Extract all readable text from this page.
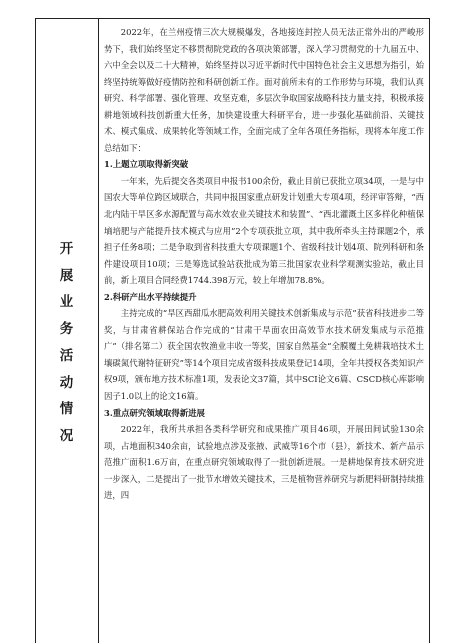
开
展
业
务
活
动
情
况

2022年，在兰州疫情三次大规模爆发，各地接连封控人员无法正常外出的严峻形势下，我们始终坚定不移贯彻院党政的各项决策部署，深入学习贯彻党的十九届五中、六中全会以及二十大精神，始终坚持以习近平新时代中国特色社会主义思想为指引，始终坚持统筹做好疫情防控和科研创新工作。面对前所未有的工作形势与环境，我们认真研究、科学部署、强化管理、攻坚克难，多层次争取国家战略科技力量支持，积极承接耕地领域科技创新重大任务，加快建设重大科研平台，进一步强化基础前沿、关键技术、模式集成、成果转化等领域工作，全面完成了全年各项任务指标，现将本年度工作总结如下：

1.上题立项取得新突破

一年来，先后提交各类项目申报书100余份，截止目前已获批立项34项，一是与中国农大等单位跨区域联合，共同申报国家重点研发计划重大专项4项，经评审答辩，“西北内陆干旱区多水源配置与高水效农业关键技术和装置”、“西北灌溉土区多样化种植保墒培肥与产能提升技术模式与应用”2个专项获批立项，其中我所牵头主持课题2个，承担子任务8项；二是争取到省科技重大专项课题1个、省级科技计划4项、院列科研和条件建设项目10项；三是筹选试验站获批成为第三批国家农业科学观测实验站，截止目前，新上项目合同经费1744.398万元，较上年增加78.8%。

2.科研产出水平持续提升

主持完成的“旱区西甜瓜水肥高效利用关键技术创新集成与示范”获省科技进步二等奖，与甘肃省耕保站合作完成的“甘肃干旱面农田高效节水技术研发集成与示范推广”（排名第二）获全国农牧渔业丰收一等奖，国家自然基金“全膜覆土免耕栽培技术土壤碳氮代谢特征研究”等14个项目完成省级科技成果登记14项，全年共授权各类知识产权9项，颁布地方技术标准1项，发表论文37篇，其中SCI论文6篇、CSCD核心库影响因子1.0以上的论文16篇。

3.重点研究领域取得新进展

2022年，我所共承担各类科学研究和成果推广项目46项，开展田间试验130余项，占地面积340余亩，试验地点涉及张掖、武威等16个市（县），新技术、新产品示范推广面积1.6万亩，在重点研究领域取得了一批创新进展。一是耕地保育技术研究进一步深入，二是提出了一批节水增效关键技术，三是植物营养研究与新肥料研制持续推进，四
